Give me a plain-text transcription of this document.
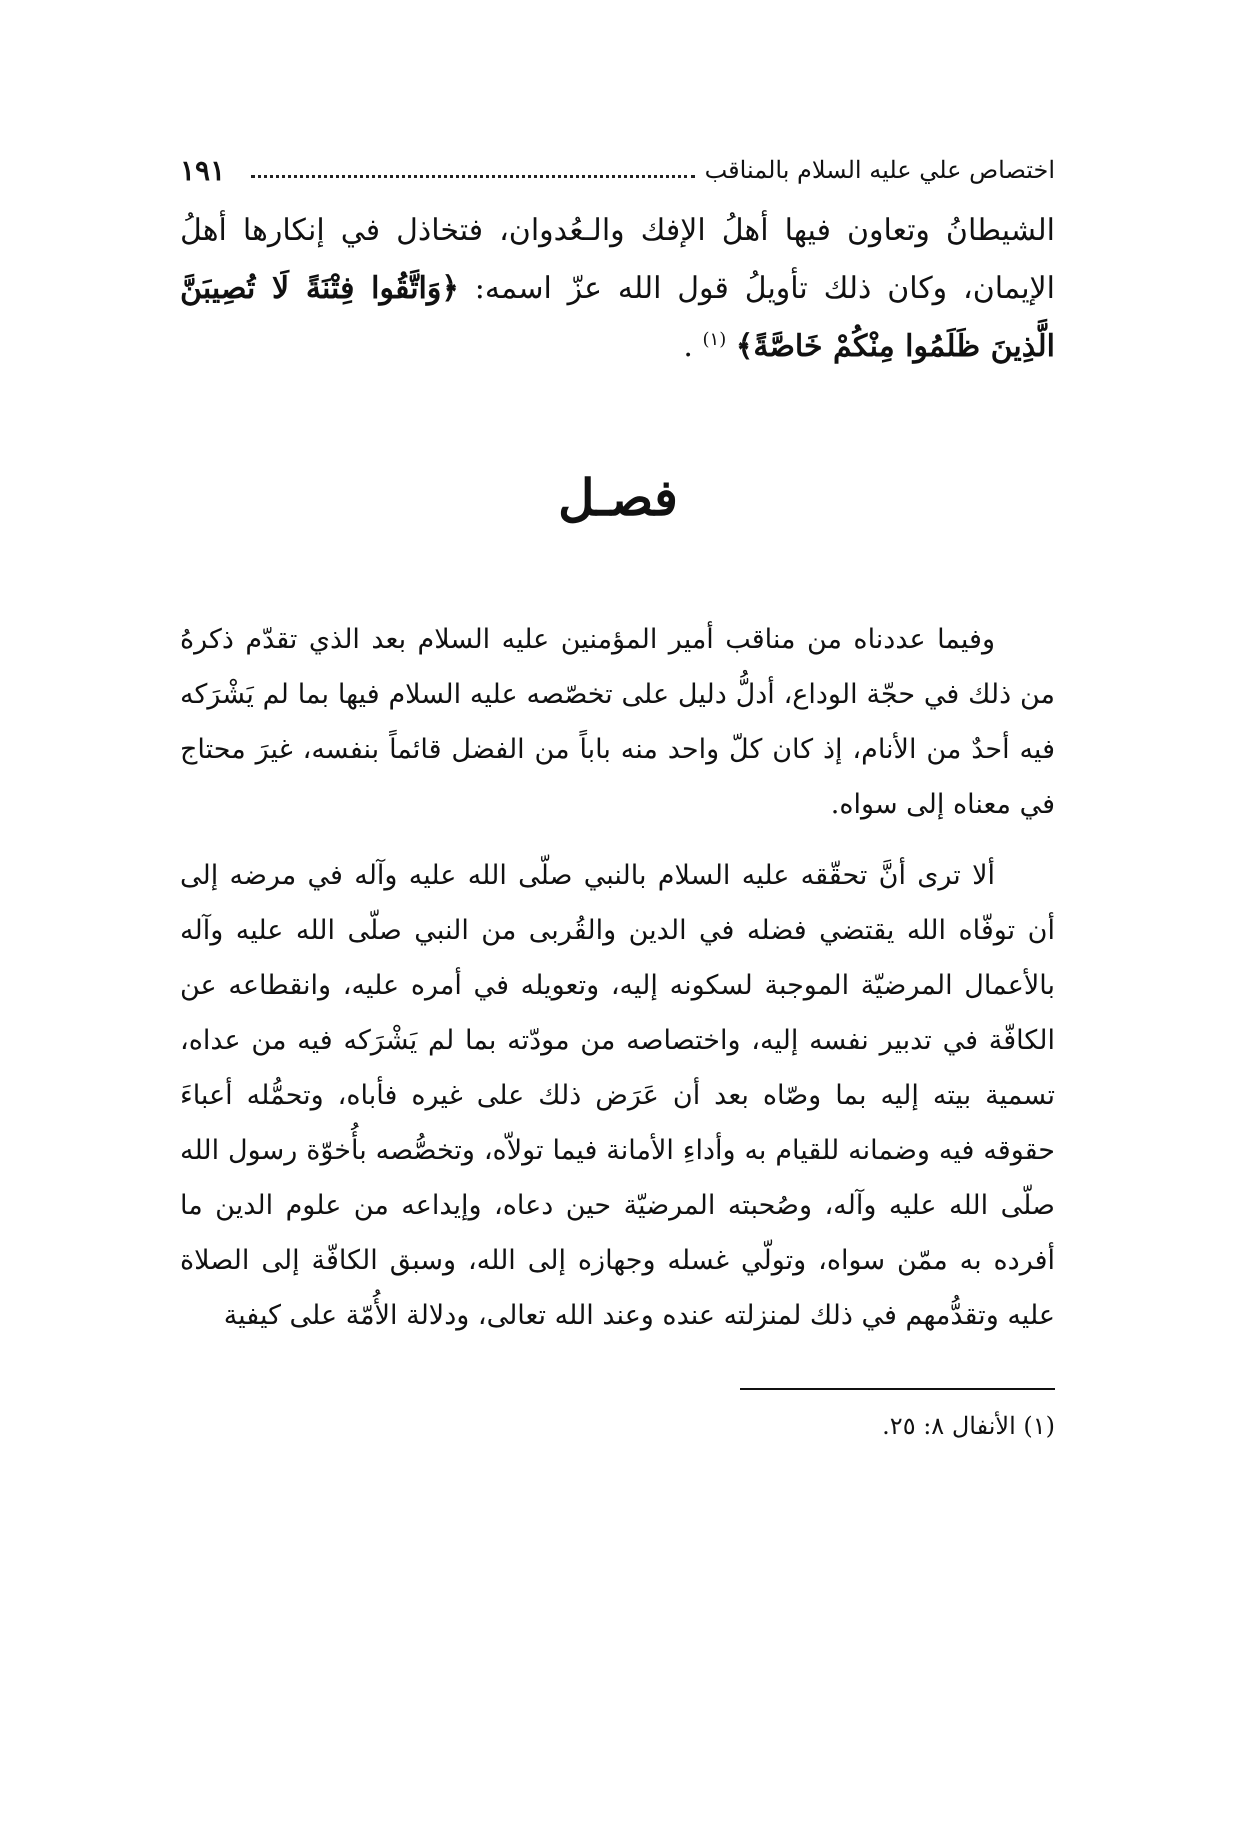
١٩١	اختصاص علي عليه السلام بالمناقب

الشيطانُ وتعاون فيها أهلُ الإفك والـعُدوان، فتخاذل في إنكارها أهلُ الإيمان، وكان ذلك تأويلُ قول الله عزّ اسمه: ﴿وَاتَّقُوا فِتْنَةً لَا تُصِيبَنَّ الَّذِينَ ظَلَمُوا مِنْكُمْ خَاصَّةً﴾ $^{(١)}$ .

فصـل

وفيما عددناه من مناقب أمير المؤمنين عليه السلام بعد الذي تقدّم ذكرهُ من ذلك في حجّة الوداع، أدلُّ دليل على تخصّصه عليه السلام فيها بما لم يَشْرَكه فيه أحدٌ من الأنام، إذ كان كلّ واحد منه باباً من الفضل قائماً بنفسه، غيرَ محتاج في معناه إلى سواه.

ألا ترى أنَّ تحقّقه عليه السلام بالنبي صلّى الله عليه وآله في مرضه إلى أن توفّاه الله يقتضي فضله في الدين والقُربى من النبي صلّى الله عليه وآله بالأعمال المرضيّة الموجبة لسكونه إليه، وتعويله في أمره عليه، وانقطاعه عن الكافّة في تدبير نفسه إليه، واختصاصه من مودّته بما لم يَشْرَكه فيه من عداه، تسمية بيته إليه بما وصّاه بعد أن عَرَض ذلك على غيره فأباه، وتحمُّله أعباءَ حقوقه فيه وضمانه للقيام به وأداءِ الأمانة فيما تولاّه، وتخصُّصه بأُخوّة رسول الله صلّى الله عليه وآله، وصُحبته المرضيّة حين دعاه، وإيداعه من علوم الدين ما أفرده به ممّن سواه، وتولّي غسله وجهازه إلى الله، وسبق الكافّة إلى الصلاة عليه وتقدُّمهم في ذلك لمنزلته عنده وعند الله تعالى، ودلالة الأُمّة على كيفية

(١) الأنفال ٨: ٢٥.
